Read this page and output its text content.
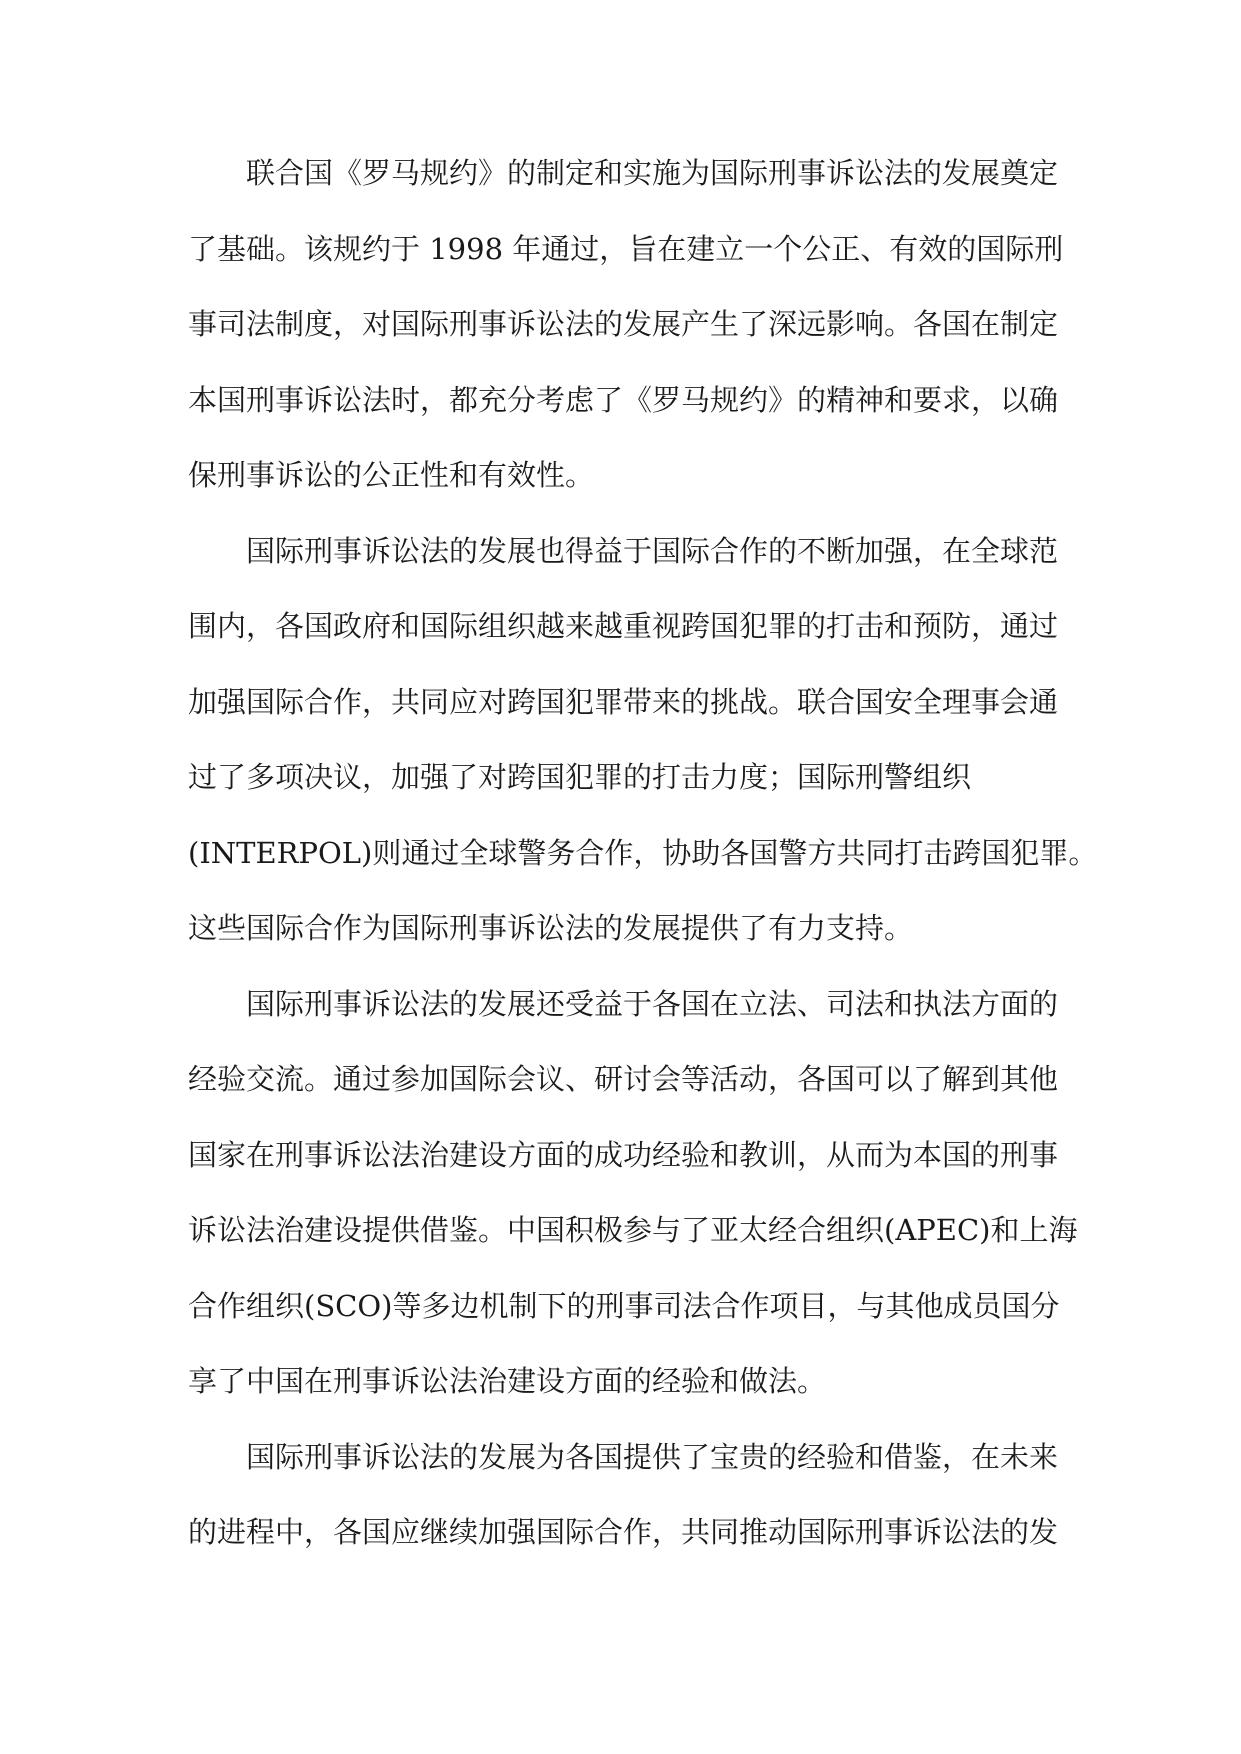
联合国《罗马规约》的制定和实施为国际刑事诉讼法的发展奠定
了基础。该规约于 1998 年通过，旨在建立一个公正、有效的国际刑
事司法制度，对国际刑事诉讼法的发展产生了深远影响。各国在制定
本国刑事诉讼法时，都充分考虑了《罗马规约》的精神和要求，以确
保刑事诉讼的公正性和有效性。

国际刑事诉讼法的发展也得益于国际合作的不断加强，在全球范
围内，各国政府和国际组织越来越重视跨国犯罪的打击和预防，通过
加强国际合作，共同应对跨国犯罪带来的挑战。联合国安全理事会通
过了多项决议，加强了对跨国犯罪的打击力度；国际刑警组织
(INTERPOL)则通过全球警务合作，协助各国警方共同打击跨国犯罪。
这些国际合作为国际刑事诉讼法的发展提供了有力支持。

国际刑事诉讼法的发展还受益于各国在立法、司法和执法方面的
经验交流。通过参加国际会议、研讨会等活动，各国可以了解到其他
国家在刑事诉讼法治建设方面的成功经验和教训，从而为本国的刑事
诉讼法治建设提供借鉴。中国积极参与了亚太经合组织(APEC)和上海
合作组织(SCO)等多边机制下的刑事司法合作项目，与其他成员国分
享了中国在刑事诉讼法治建设方面的经验和做法。

国际刑事诉讼法的发展为各国提供了宝贵的经验和借鉴，在未来
的进程中，各国应继续加强国际合作，共同推动国际刑事诉讼法的发
